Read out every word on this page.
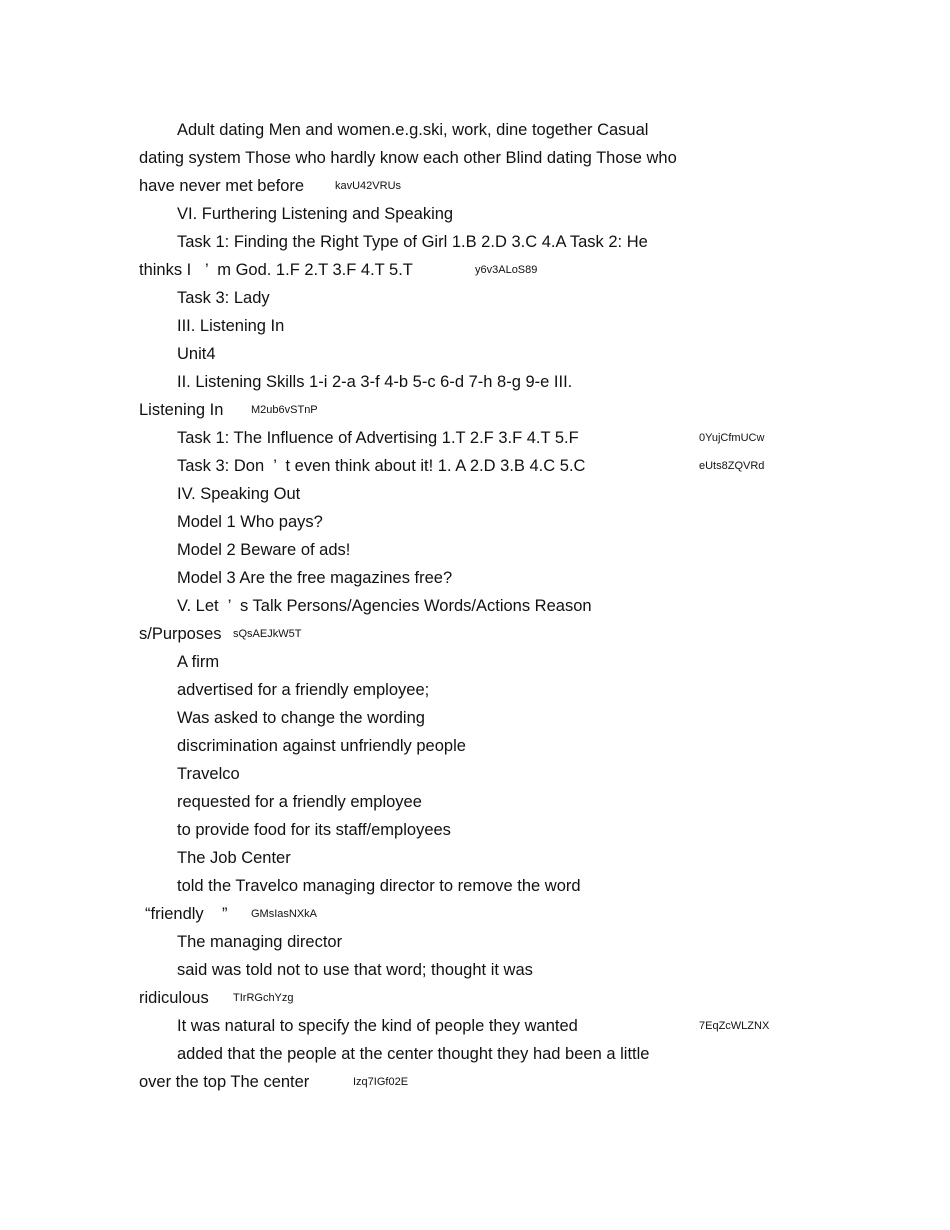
Adult dating Men and women.e.g.ski, work, dine together Casual
dating system Those who hardly know each other Blind dating Those who
have never met before	kavU42VRUs
VI. Furthering Listening and Speaking
Task 1: Finding the Right Type of Girl 1.B 2.D 3.C 4.A Task 2: He
thinks I   ’  m God. 1.F 2.T 3.F 4.T 5.T	y6v3ALoS89
Task 3: Lady
III. Listening In
Unit4
II. Listening Skills 1-i 2-a 3-f 4-b 5-c 6-d 7-h 8-g 9-e III.
Listening In	M2ub6vSTnP
Task 1: The Influence of Advertising 1.T 2.F 3.F 4.T 5.F	0YujCfmUCw
Task 3: Don  ’  t even think about it! 1. A 2.D 3.B 4.C 5.C	eUts8ZQVRd
IV. Speaking Out
Model 1 Who pays?
Model 2 Beware of ads!
Model 3 Are the free magazines free?
V. Let  ’  s Talk Persons/Agencies Words/Actions Reason
s/Purposes sQsAEJkW5T
A firm
advertised for a friendly employee;
Was asked to change the wording
discrimination against unfriendly people
Travelco
requested for a friendly employee
to provide food for its staff/employees
The Job Center
told the Travelco managing director to remove the word
“friendly    ” GMsIasNXkA
The managing director
said was told not to use that word; thought it was
ridiculous TIrRGchYzg
It was natural to specify the kind of people they wanted	7EqZcWLZNX
added that the people at the center thought they had been a little
over the top The center	Izq7IGf02E
